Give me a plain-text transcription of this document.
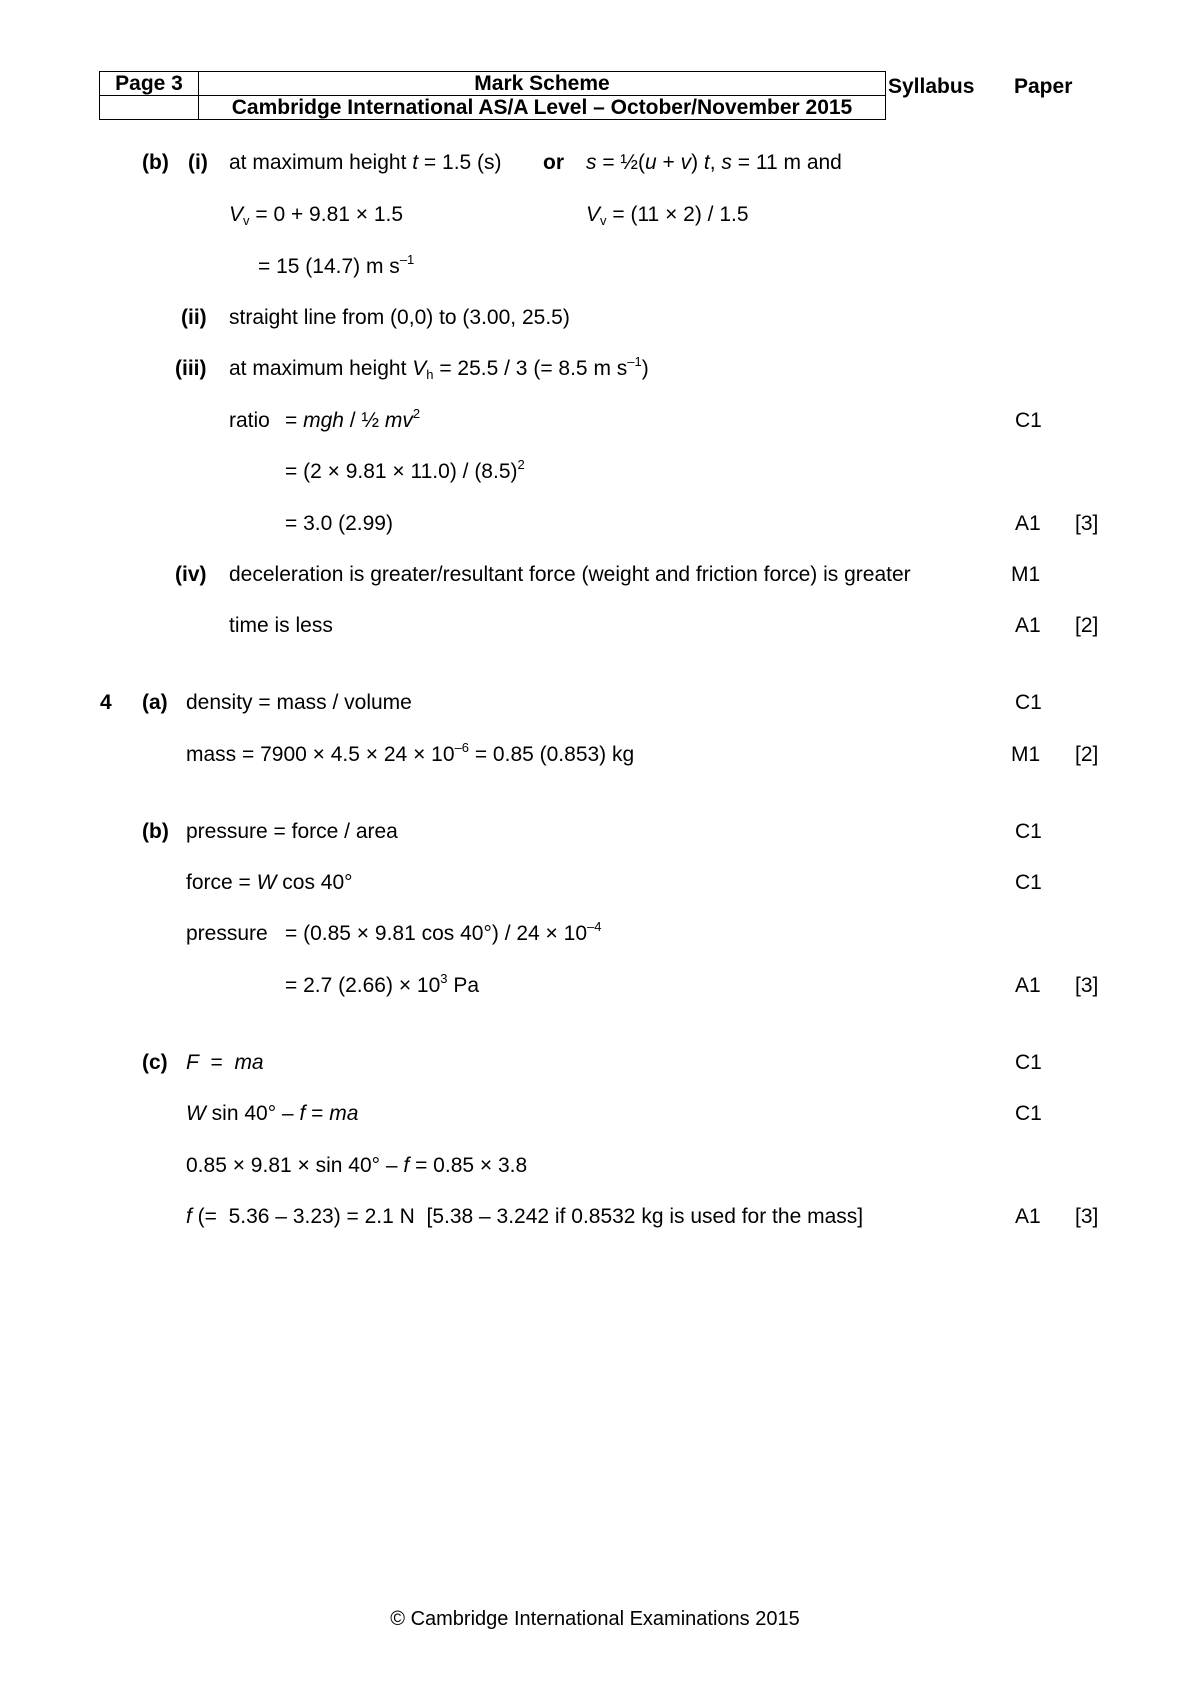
Page 3	Mark Scheme
	Cambridge International AS/A Level – October/November 2015
Syllabus Paper
(b) (i) at maximum height t = 1.5 (s) or s = ½(u + v) t, s = 11 m and
$V_v = 0 + 9.81 \times 1.5$	$V_v = (11 \times 2) / 1.5$
= 15 (14.7) m $s^{-1}$
(ii) straight line from (0,0) to (3.00, 25.5)
(iii) at maximum height $V_h = 25.5 / 3$ (= 8.5 m $s^{-1}$)
ratio = mgh / ½ $mv^2$	C1
= $(2 \times 9.81 \times 11.0) / (8.5)^2$
= 3.0 (2.99)	A1 [3]
(iv) deceleration is greater/resultant force (weight and friction force) is greater	M1
time is less	A1 [2]
4 (a) density = mass / volume	C1
mass = $7900 \times 4.5 \times 24 \times 10^{-6} = 0.85$ (0.853) kg	M1 [2]
(b) pressure = force / area	C1
force = W cos 40°	C1
pressure = (0.85 × 9.81 $\cos 40^\circ) / 24 \times 10^{-4}$
= 2.7 $(2.66) \times 10^3$ Pa	A1 [3]
(c) F  =  ma	C1
W sin 40° – f = ma	C1
0.85 × 9.81 × sin 40° – f = 0.85 × 3.8
f (=  5.36 – 3.23) = 2.1 N  [5.38 – 3.242 if 0.8532 kg is used for the mass]	A1 [3]
© Cambridge International Examinations 2015
